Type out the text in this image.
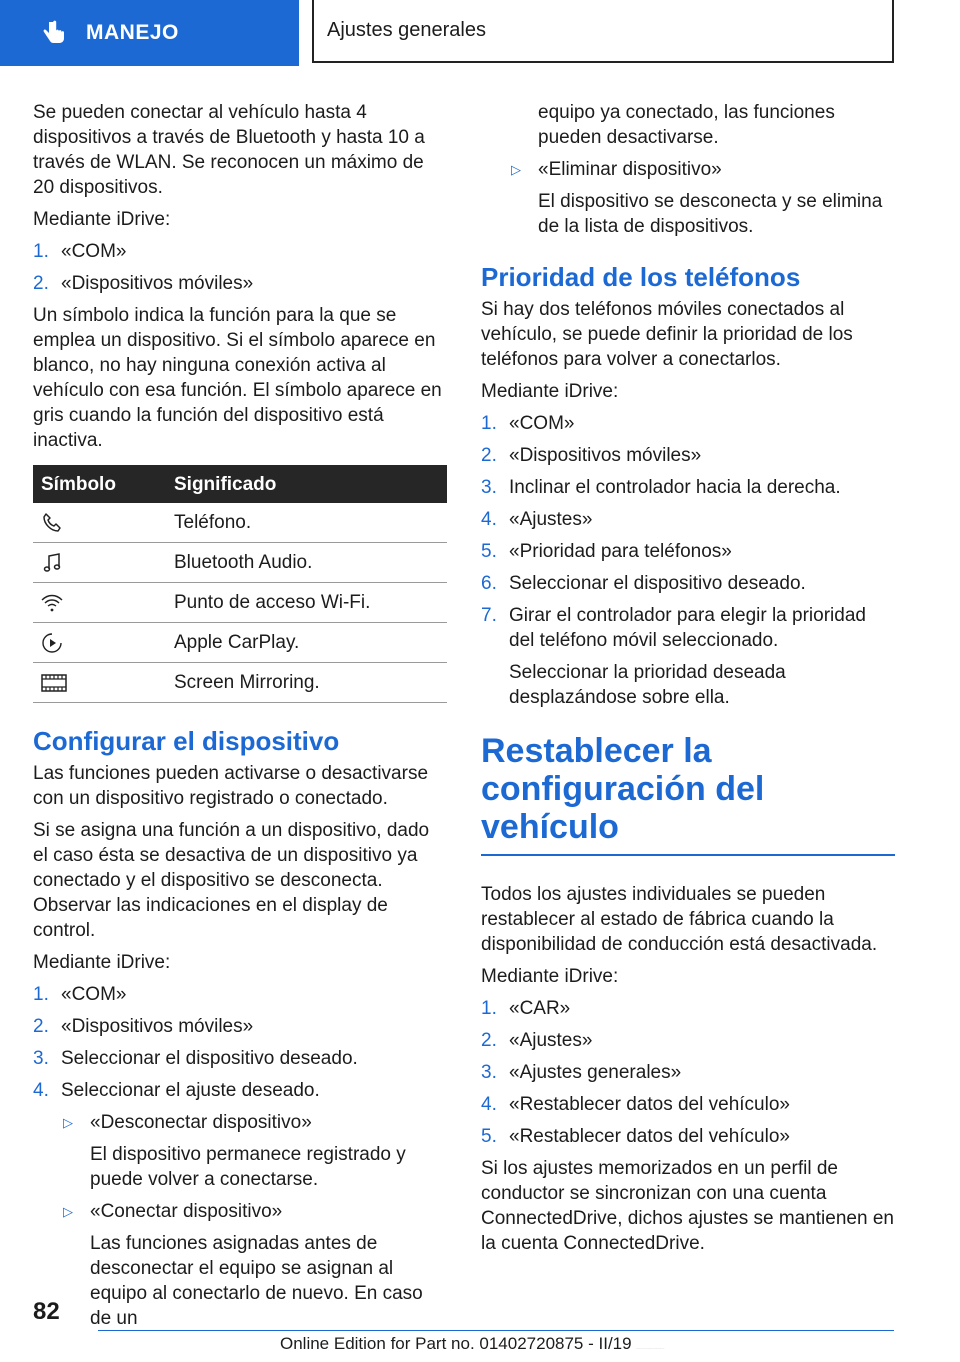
MANEJO	Ajustes generales

Se pueden conectar al vehículo hasta 4 dispositivos a través de Bluetooth y hasta 10 a través de WLAN. Se reconocen un máximo de 20 dispositivos.

Mediante iDrive:

1. «COM»
2. «Dispositivos móviles»

Un símbolo indica la función para la que se emplea un dispositivo. Si el símbolo aparece en blanco, no hay ninguna conexión activa al vehículo con esa función. El símbolo aparece en gris cuando la función del dispositivo está inactiva.

Símbolo	Significado

	Teléfono.

	Bluetooth Audio.

	Punto de acceso Wi-Fi.

	Apple CarPlay.

	Screen Mirroring.
Configurar el dispositivo

Las funciones pueden activarse o desactivarse con un dispositivo registrado o conectado.

Si se asigna una función a un dispositivo, dado el caso ésta se desactiva de un dispositivo ya conectado y el dispositivo se desconecta. Observar las indicaciones en el display de control.

Mediante iDrive:

1. «COM»
2. «Dispositivos móviles»
3. Seleccionar el dispositivo deseado.
4. Seleccionar el ajuste deseado.
▷ «Desconectar dispositivo»
El dispositivo permanece registrado y puede volver a conectarse.
▷ «Conectar dispositivo»
Las funciones asignadas antes de desconectar el equipo se asignan al equipo al conectarlo de nuevo. En caso de un
equipo ya conectado, las funciones pueden desactivarse.
▷ «Eliminar dispositivo»
El dispositivo se desconecta y se elimina de la lista de dispositivos.
Prioridad de los teléfonos

Si hay dos teléfonos móviles conectados al vehículo, se puede definir la prioridad de los teléfonos para volver a conectarlos.

Mediante iDrive:

1. «COM»
2. «Dispositivos móviles»
3. Inclinar el controlador hacia la derecha.
4. «Ajustes»
5. «Prioridad para teléfonos»
6. Seleccionar el dispositivo deseado.
7. Girar el controlador para elegir la prioridad del teléfono móvil seleccionado.
Seleccionar la prioridad deseada desplazándose sobre ella.
Restablecer la configuración del vehículo

Todos los ajustes individuales se pueden restablecer al estado de fábrica cuando la disponibilidad de conducción está desactivada.

Mediante iDrive:

1. «CAR»
2. «Ajustes»
3. «Ajustes generales»
4. «Restablecer datos del vehículo»
5. «Restablecer datos del vehículo»

Si los ajustes memorizados en un perfil de conductor se sincronizan con una cuenta ConnectedDrive, dichos ajustes se mantienen en la cuenta ConnectedDrive.

82
Online Edition for Part no. 01402720875 - II/19	Downloaded from www.Manualslib.com manuals search engine
